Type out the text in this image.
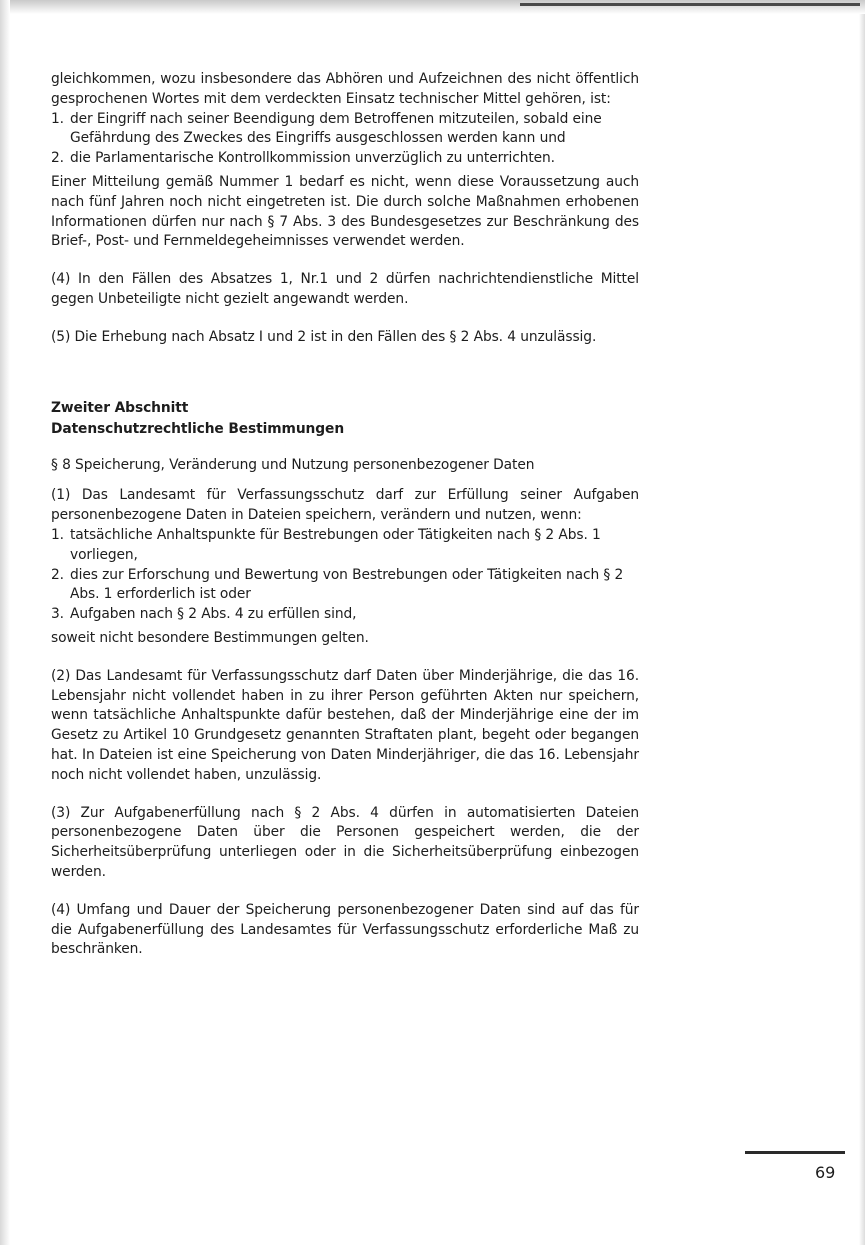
gleichkommen, wozu insbesondere das Abhören und Aufzeichnen des nicht öffentlich gesprochenen Wortes mit dem verdeckten Einsatz technischer Mittel gehören, ist:

1. der Eingriff nach seiner Beendigung dem Betroffenen mitzuteilen, sobald eine Gefährdung des Zweckes des Eingriffs ausgeschlossen werden kann und
2. die Parlamentarische Kontrollkommission unverzüglich zu unterrichten.

Einer Mitteilung gemäß Nummer 1 bedarf es nicht, wenn diese Voraussetzung auch nach fünf Jahren noch nicht eingetreten ist. Die durch solche Maßnahmen erhobenen Informationen dürfen nur nach § 7 Abs. 3 des Bundesgesetzes zur Beschränkung des Brief-, Post- und Fernmeldegeheimnisses verwendet werden.

(4) In den Fällen des Absatzes 1, Nr.1 und 2 dürfen nachrichtendienstliche Mittel gegen Unbeteiligte nicht gezielt angewandt werden.

(5) Die Erhebung nach Absatz I und 2 ist in den Fällen des § 2 Abs. 4 unzulässig.

Zweiter Abschnitt
Datenschutzrechtliche Bestimmungen

§ 8 Speicherung, Veränderung und Nutzung personenbezogener Daten

(1) Das Landesamt für Verfassungsschutz darf zur Erfüllung seiner Aufgaben personenbezogene Daten in Dateien speichern, verändern und nutzen, wenn:

1. tatsächliche Anhaltspunkte für Bestrebungen oder Tätigkeiten nach § 2 Abs. 1 vorliegen,
2. dies zur Erforschung und Bewertung von Bestrebungen oder Tätigkeiten nach § 2 Abs. 1 erforderlich ist oder
3. Aufgaben nach § 2 Abs. 4 zu erfüllen sind,

soweit nicht besondere Bestimmungen gelten.

(2) Das Landesamt für Verfassungsschutz darf Daten über Minderjährige, die das 16. Lebensjahr nicht vollendet haben in zu ihrer Person geführten Akten nur speichern, wenn tatsächliche Anhaltspunkte dafür bestehen, daß der Minderjährige eine der im Gesetz zu Artikel 10 Grundgesetz genannten Straftaten plant, begeht oder begangen hat. In Dateien ist eine Speicherung von Daten Minderjähriger, die das 16. Lebensjahr noch nicht vollendet haben, unzulässig.

(3) Zur Aufgabenerfüllung nach § 2 Abs. 4 dürfen in automatisierten Dateien personenbezogene Daten über die Personen gespeichert werden, die der Sicherheitsüberprüfung unterliegen oder in die Sicherheitsüberprüfung einbezogen werden.

(4) Umfang und Dauer der Speicherung personenbezogener Daten sind auf das für die Aufgabenerfüllung des Landesamtes für Verfassungsschutz erforderliche Maß zu beschränken.

69
